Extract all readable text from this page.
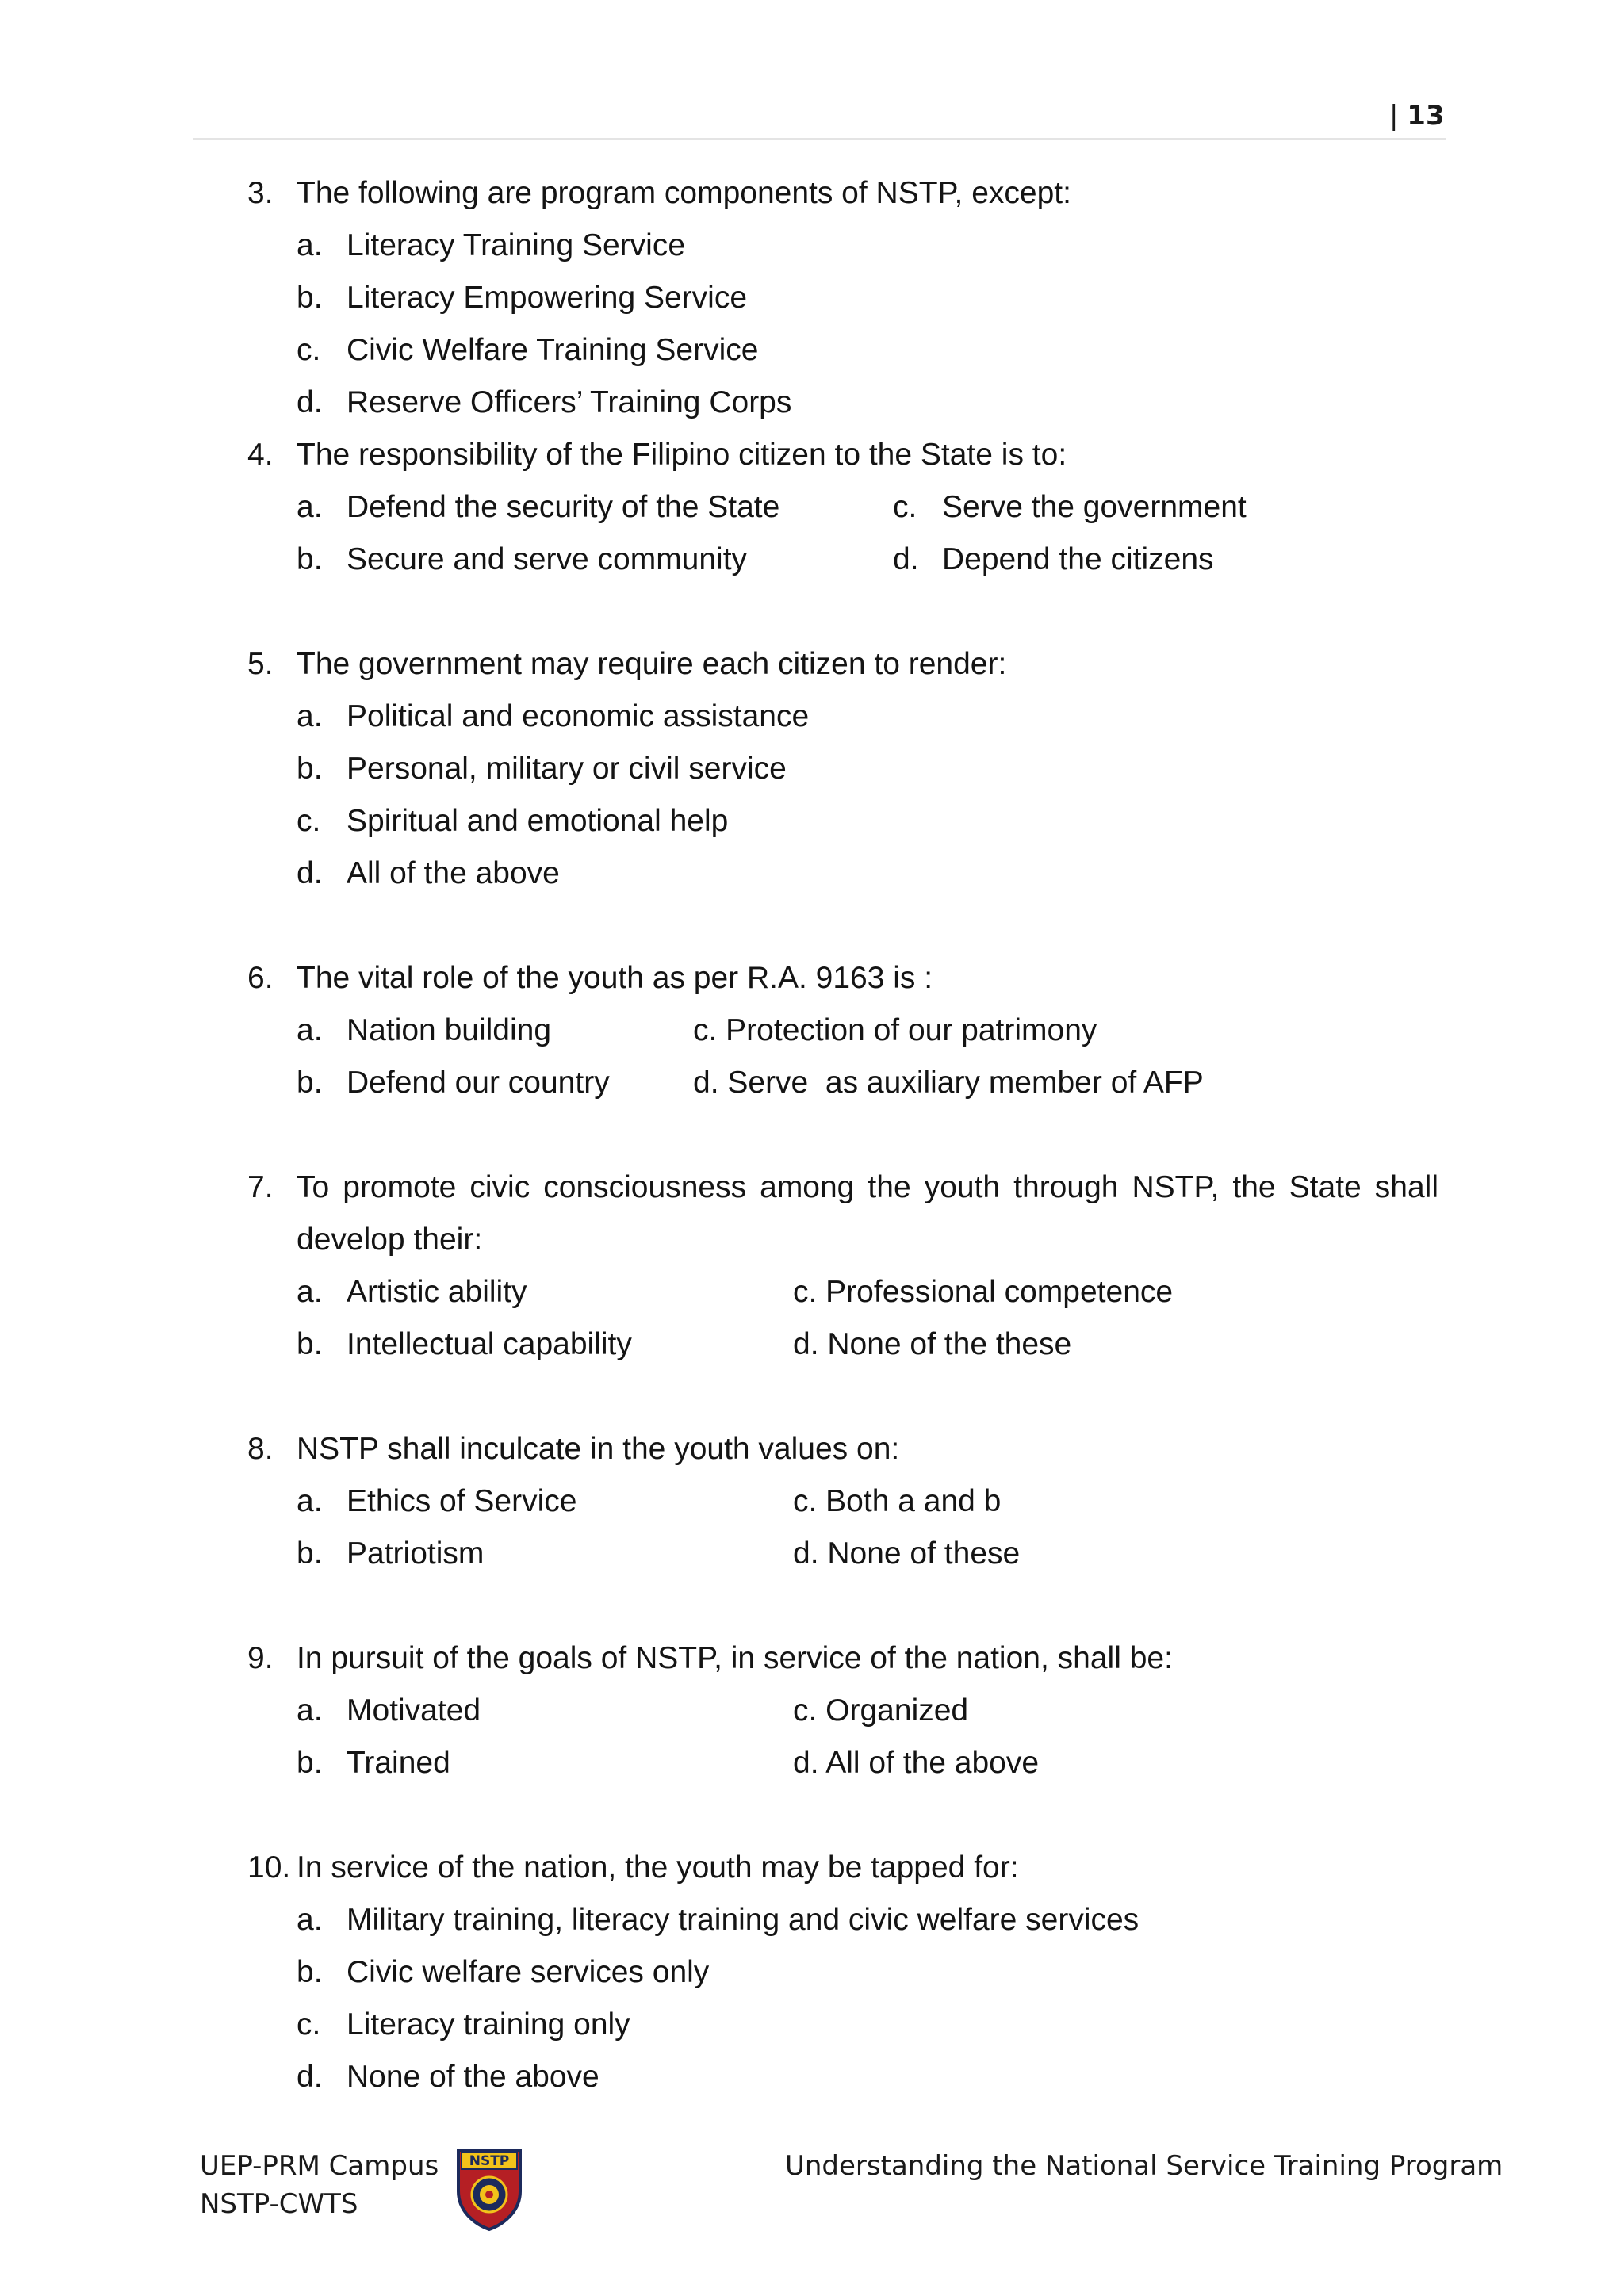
| 13
3. The following are program components of NSTP, except:
a. Literacy Training Service
b. Literacy Empowering Service
c. Civic Welfare Training Service
d. Reserve Officers’ Training Corps
4. The responsibility of the Filipino citizen to the State is to:
a. Defend the security of the State	c. Serve the government
b. Secure and serve community	d. Depend the citizens
5. The government may require each citizen to render:
a. Political and economic assistance
b. Personal, military or civil service
c. Spiritual and emotional help
d. All of the above
6. The vital role of the youth as per R.A. 9163 is :
a. Nation building	c. Protection of our patrimony
b. Defend our country	d. Serve  as auxiliary member of AFP
7. To promote civic consciousness among the youth through NSTP, the State shall
develop their:
a. Artistic ability	c. Professional competence
b. Intellectual capability	d. None of the these
8. NSTP shall inculcate in the youth values on:
a. Ethics of Service	c. Both a and b
b. Patriotism	d. None of these
9. In pursuit of the goals of NSTP, in service of the nation, shall be:
a. Motivated	c. Organized
b. Trained	d. All of the above
10. In service of the nation, the youth may be tapped for:
a. Military training, literacy training and civic welfare services
b. Civic welfare services only
c. Literacy training only
d. None of the above
UEP-PRM Campus
NSTP-CWTS
Understanding the National Service Training Program
NSTP
